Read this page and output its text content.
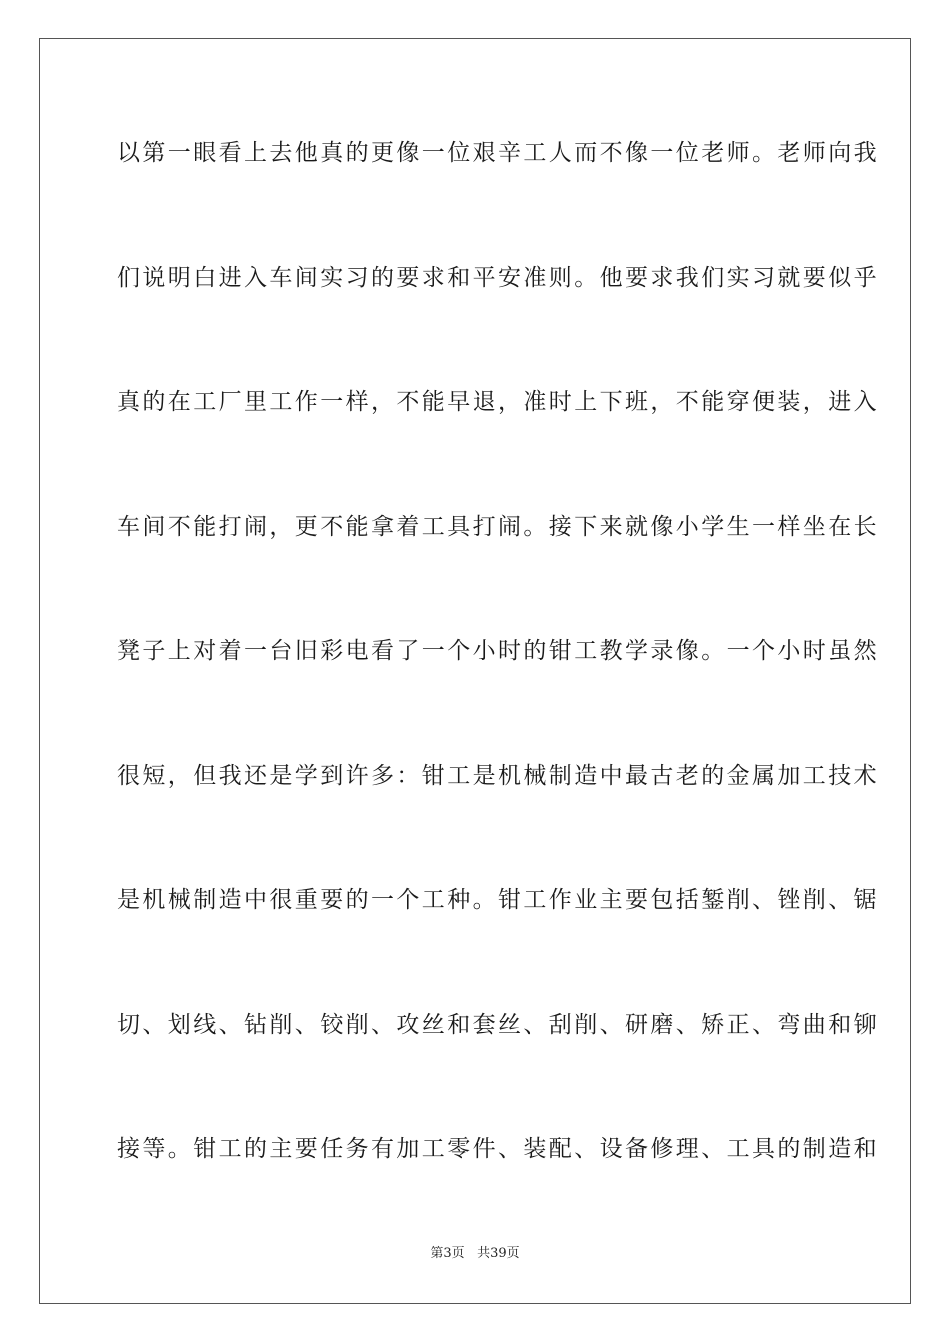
以第一眼看上去他真的更像一位艰辛工人而不像一位老师。老师向我
们说明白进入车间实习的要求和平安准则。他要求我们实习就要似乎
真的在工厂里工作一样，不能早退，准时上下班，不能穿便装，进入
车间不能打闹，更不能拿着工具打闹。接下来就像小学生一样坐在长
凳子上对着一台旧彩电看了一个小时的钳工教学录像。一个小时虽然
很短，但我还是学到许多：钳工是机械制造中最古老的金属加工技术
是机械制造中很重要的一个工种。钳工作业主要包括錾削、锉削、锯
切、划线、钻削、铰削、攻丝和套丝、刮削、研磨、矫正、弯曲和铆
接等。钳工的主要任务有加工零件、装配、设备修理、工具的制造和
第3页 共39页
